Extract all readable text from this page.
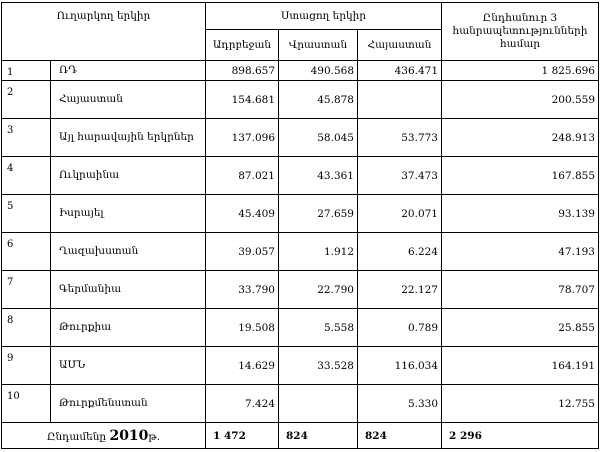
Ուղարկող երկիր		Ստացող երկիր			Ընդհանուր 3 հանրապետությունների համար
		Ադրբեջան	Վրաստան	Հայաստան	
1	ՌԴ	898.657	490.568	436.471	1 825.696
2	Հայաստան	154.681	45.878		200.559
3	Այլ հարավային երկրներ	137.096	58.045	53.773	248.913
4	Ուկրաինա	87.021	43.361	37.473	167.855
5	Իսրայել	45.409	27.659	20.071	93.139
6	Ղազախստան	39.057	1.912	6.224	47.193
7	Գերմանիա	33.790	22.790	22.127	78.707
8	Թուրքիա	19.508	5.558	0.789	25.855
9	ԱՄՆ	14.629	33.528	116.034	164.191
10	Թուրքմենստան	7.424		5.330	12.755
Ընդամենը 2010թ.		1 472	824	824	2 296
